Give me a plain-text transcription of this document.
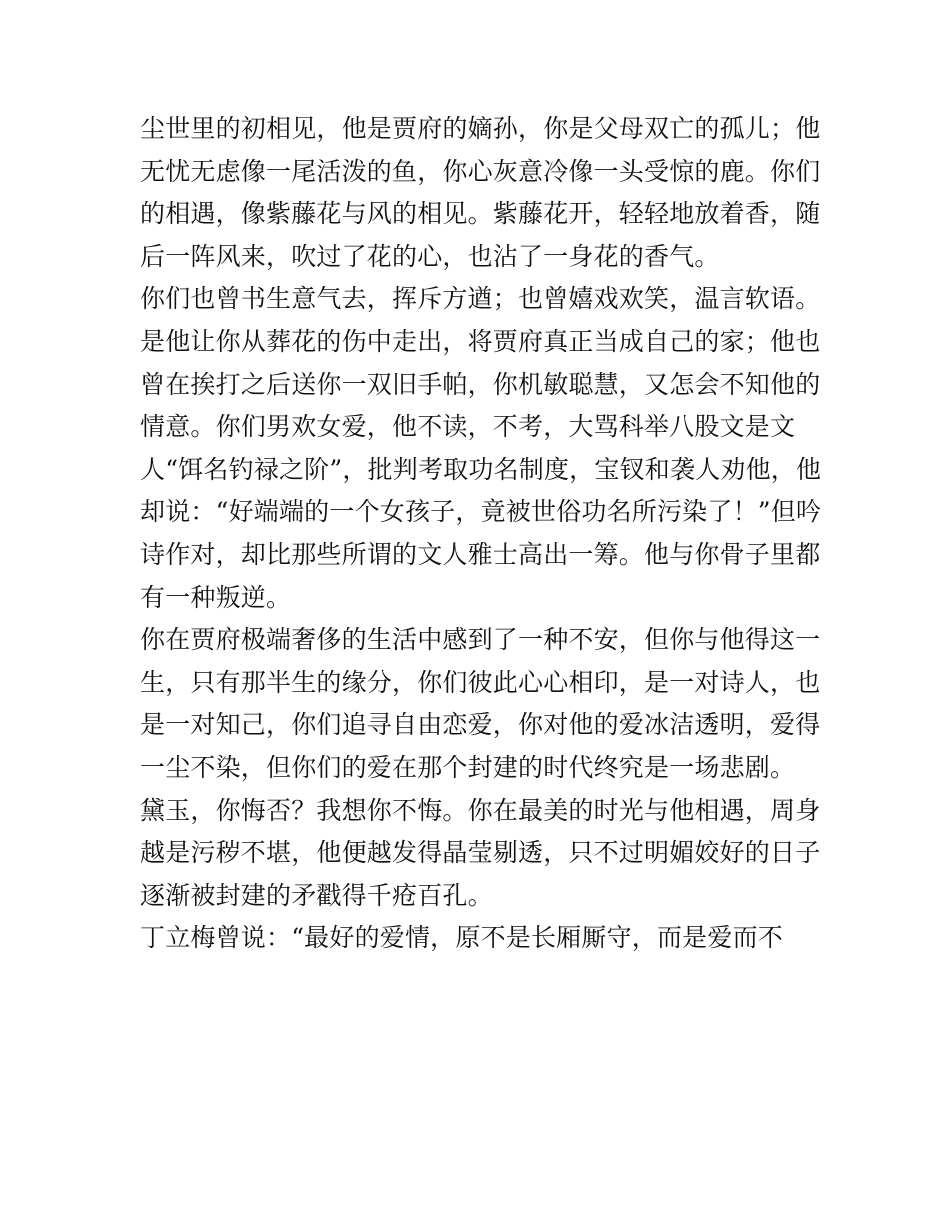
尘世里的初相见，他是贾府的嫡孙，你是父母双亡的孤儿；他
无忧无虑像一尾活泼的鱼，你心灰意冷像一头受惊的鹿。你们
的相遇，像紫藤花与风的相见。紫藤花开，轻轻地放着香，随
后一阵风来，吹过了花的心，也沾了一身花的香气。
你们也曾书生意气去，挥斥方遒；也曾嬉戏欢笑，温言软语。
是他让你从葬花的伤中走出，将贾府真正当成自己的家；他也
曾在挨打之后送你一双旧手帕，你机敏聪慧，又怎会不知他的
情意。你们男欢女爱，他不读，不考，大骂科举八股文是文
人“饵名钓禄之阶”，批判考取功名制度，宝钗和袭人劝他，他
却说：“好端端的一个女孩子，竟被世俗功名所污染了！”但吟
诗作对，却比那些所谓的文人雅士高出一筹。他与你骨子里都
有一种叛逆。
你在贾府极端奢侈的生活中感到了一种不安，但你与他得这一
生，只有那半生的缘分，你们彼此心心相印，是一对诗人，也
是一对知己，你们追寻自由恋爱，你对他的爱冰洁透明，爱得
一尘不染，但你们的爱在那个封建的时代终究是一场悲剧。
黛玉，你悔否？我想你不悔。你在最美的时光与他相遇，周身
越是污秽不堪，他便越发得晶莹剔透，只不过明媚姣好的日子
逐渐被封建的矛戳得千疮百孔。
丁立梅曾说：“最好的爱情，原不是长厢厮守，而是爱而不
